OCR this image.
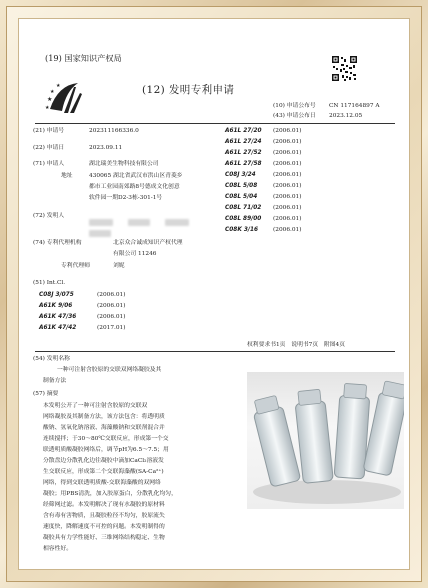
(19) 国家知识产权局
★
★
★
★
(12) 发明专利申请
(10) 申请公布号 CN 117164897 A
(43) 申请公布日 2023.12.05
(21) 申请号	202311166336.0
(22) 申请日	2023.09.11
(71) 申请人	湖北瑞美生物科技有限公司
地址	430065 湖北省武汉市洪山区青菱乡
都市工业园南郊路8号德成文化创意
软件园一期D2-3栋-301-1号
(72) 发明人

(74) 专利代理机构	北京众合诚成知识产权代理
有限公司 11246
专利代理师	刘妮
(51) Int.Cl.
C08J 3/075	(2006.01)
A61K 9/06	(2006.01)
A61K 47/36	(2006.01)
A61K 47/42	(2017.01)
A61L 27/20 (2006.01)
A61L 27/24 (2006.01)
A61L 27/52 (2006.01)
A61L 27/58 (2006.01)
C08J 3/24	(2006.01)
C08L 5/08	(2006.01)
C08L 5/04	(2006.01)
C08L 71/02 (2006.01)
C08L 89/00 (2006.01)
C08K 3/16	(2006.01)
权利要求书1页　说明书7页　附图4页
(54) 发明名称
一种可注射含胶原的交联双网络凝胶及其
制备方法
(57) 摘要
本发明公开了一种可注射含胶原的交联双
网络凝胶及其制备方法，该方法包含：将透明质
酸钠、氢氧化钠溶液、海藻酸钠和交联剂混合并
连续搅拌；于30～80℃交联反应，形成第一个交
联透明质酸凝胶网络后，调节pH为6.5～7.5；用
分散盘边分散乳化边往凝胶中滴加CaCl₂溶液发
生交联反应，形成第二个交联海藻酸(SA-Ca²⁺)
网络，得到交联透明质酸-交联海藻酸的双网络
凝胶；用PBS清洗，加入胶原蛋白，分散乳化均匀，
经筛网过滤。本发明解决了现有水凝胶的原材料
含有毒有害物质，且凝胶粒径不均匀，胶原流失
速度快，降解速度不可控的问题。本发明制得的
凝胶具有力学性能好、三维网络结构稳定、生物
相容性好。
